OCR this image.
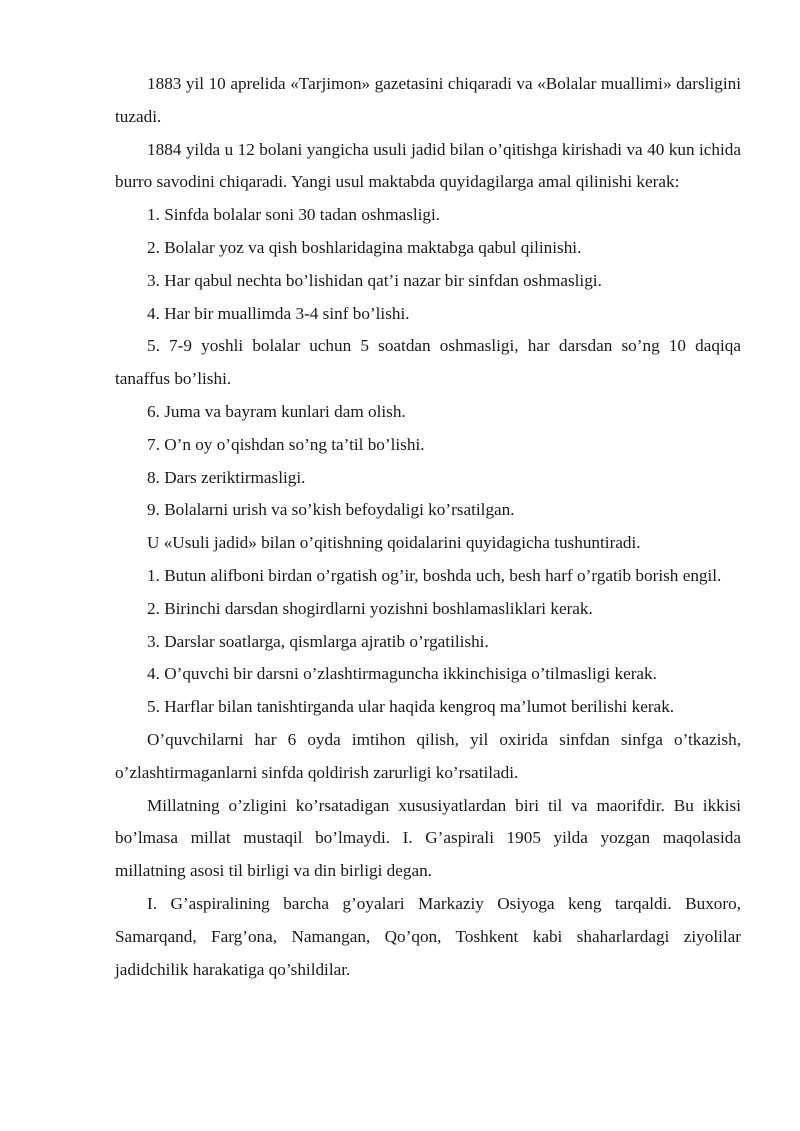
1883 yil 10 aprelida «Tarjimon» gazetasini chiqaradi va «Bolalar muallimi» darsligini tuzadi.

1884 yilda u 12 bolani yangicha usuli jadid bilan o’qitishga kirishadi va 40 kun ichida burro savodini chiqaradi. Yangi usul maktabda quyidagilarga amal qilinishi kerak:

1. Sinfda bolalar soni 30 tadan oshmasligi.

2. Bolalar yoz va qish boshlaridagina maktabga qabul qilinishi.

3. Har qabul nechta bo’lishidan qat’i nazar bir sinfdan oshmasligi.

4. Har bir muallimda 3-4 sinf bo’lishi.

5. 7-9 yoshli bolalar uchun 5 soatdan oshmasligi, har darsdan so’ng 10 daqiqa tanaffus bo’lishi.

6. Juma va bayram kunlari dam olish.

7. O’n oy o’qishdan so’ng ta’til bo’lishi.

8. Dars zeriktirmasligi.

9. Bolalarni urish va so’kish befoydaligi ko’rsatilgan.

U «Usuli jadid» bilan o’qitishning qoidalarini quyidagicha tushuntiradi.

1. Butun alifboni birdan o’rgatish og’ir, boshda uch, besh harf o’rgatib borish engil.

2. Birinchi darsdan shogirdlarni yozishni boshlamasliklari kerak.

3. Darslar soatlarga, qismlarga ajratib o’rgatilishi.

4. O’quvchi bir darsni o’zlashtirmaguncha ikkinchisiga o’tilmasligi kerak.

5. Harflar bilan tanishtirganda ular haqida kengroq ma’lumot berilishi kerak.

O’quvchilarni har 6 oyda imtihon qilish, yil oxirida sinfdan sinfga o’tkazish, o’zlashtirmaganlarni sinfda qoldirish zarurligi ko’rsatiladi.

Millatning o’zligini ko’rsatadigan xususiyatlardan biri til va maorifdir. Bu ikkisi bo’lmasa millat mustaqil bo’lmaydi. I. G’aspirali 1905 yilda yozgan maqolasida millatning asosi til birligi va din birligi degan.

I. G’aspiralining barcha g’oyalari Markaziy Osiyoga keng tarqaldi. Buxoro, Samarqand, Farg’ona, Namangan, Qo’qon, Toshkent kabi shaharlardagi ziyolilar jadidchilik harakatiga qo’shildilar.
